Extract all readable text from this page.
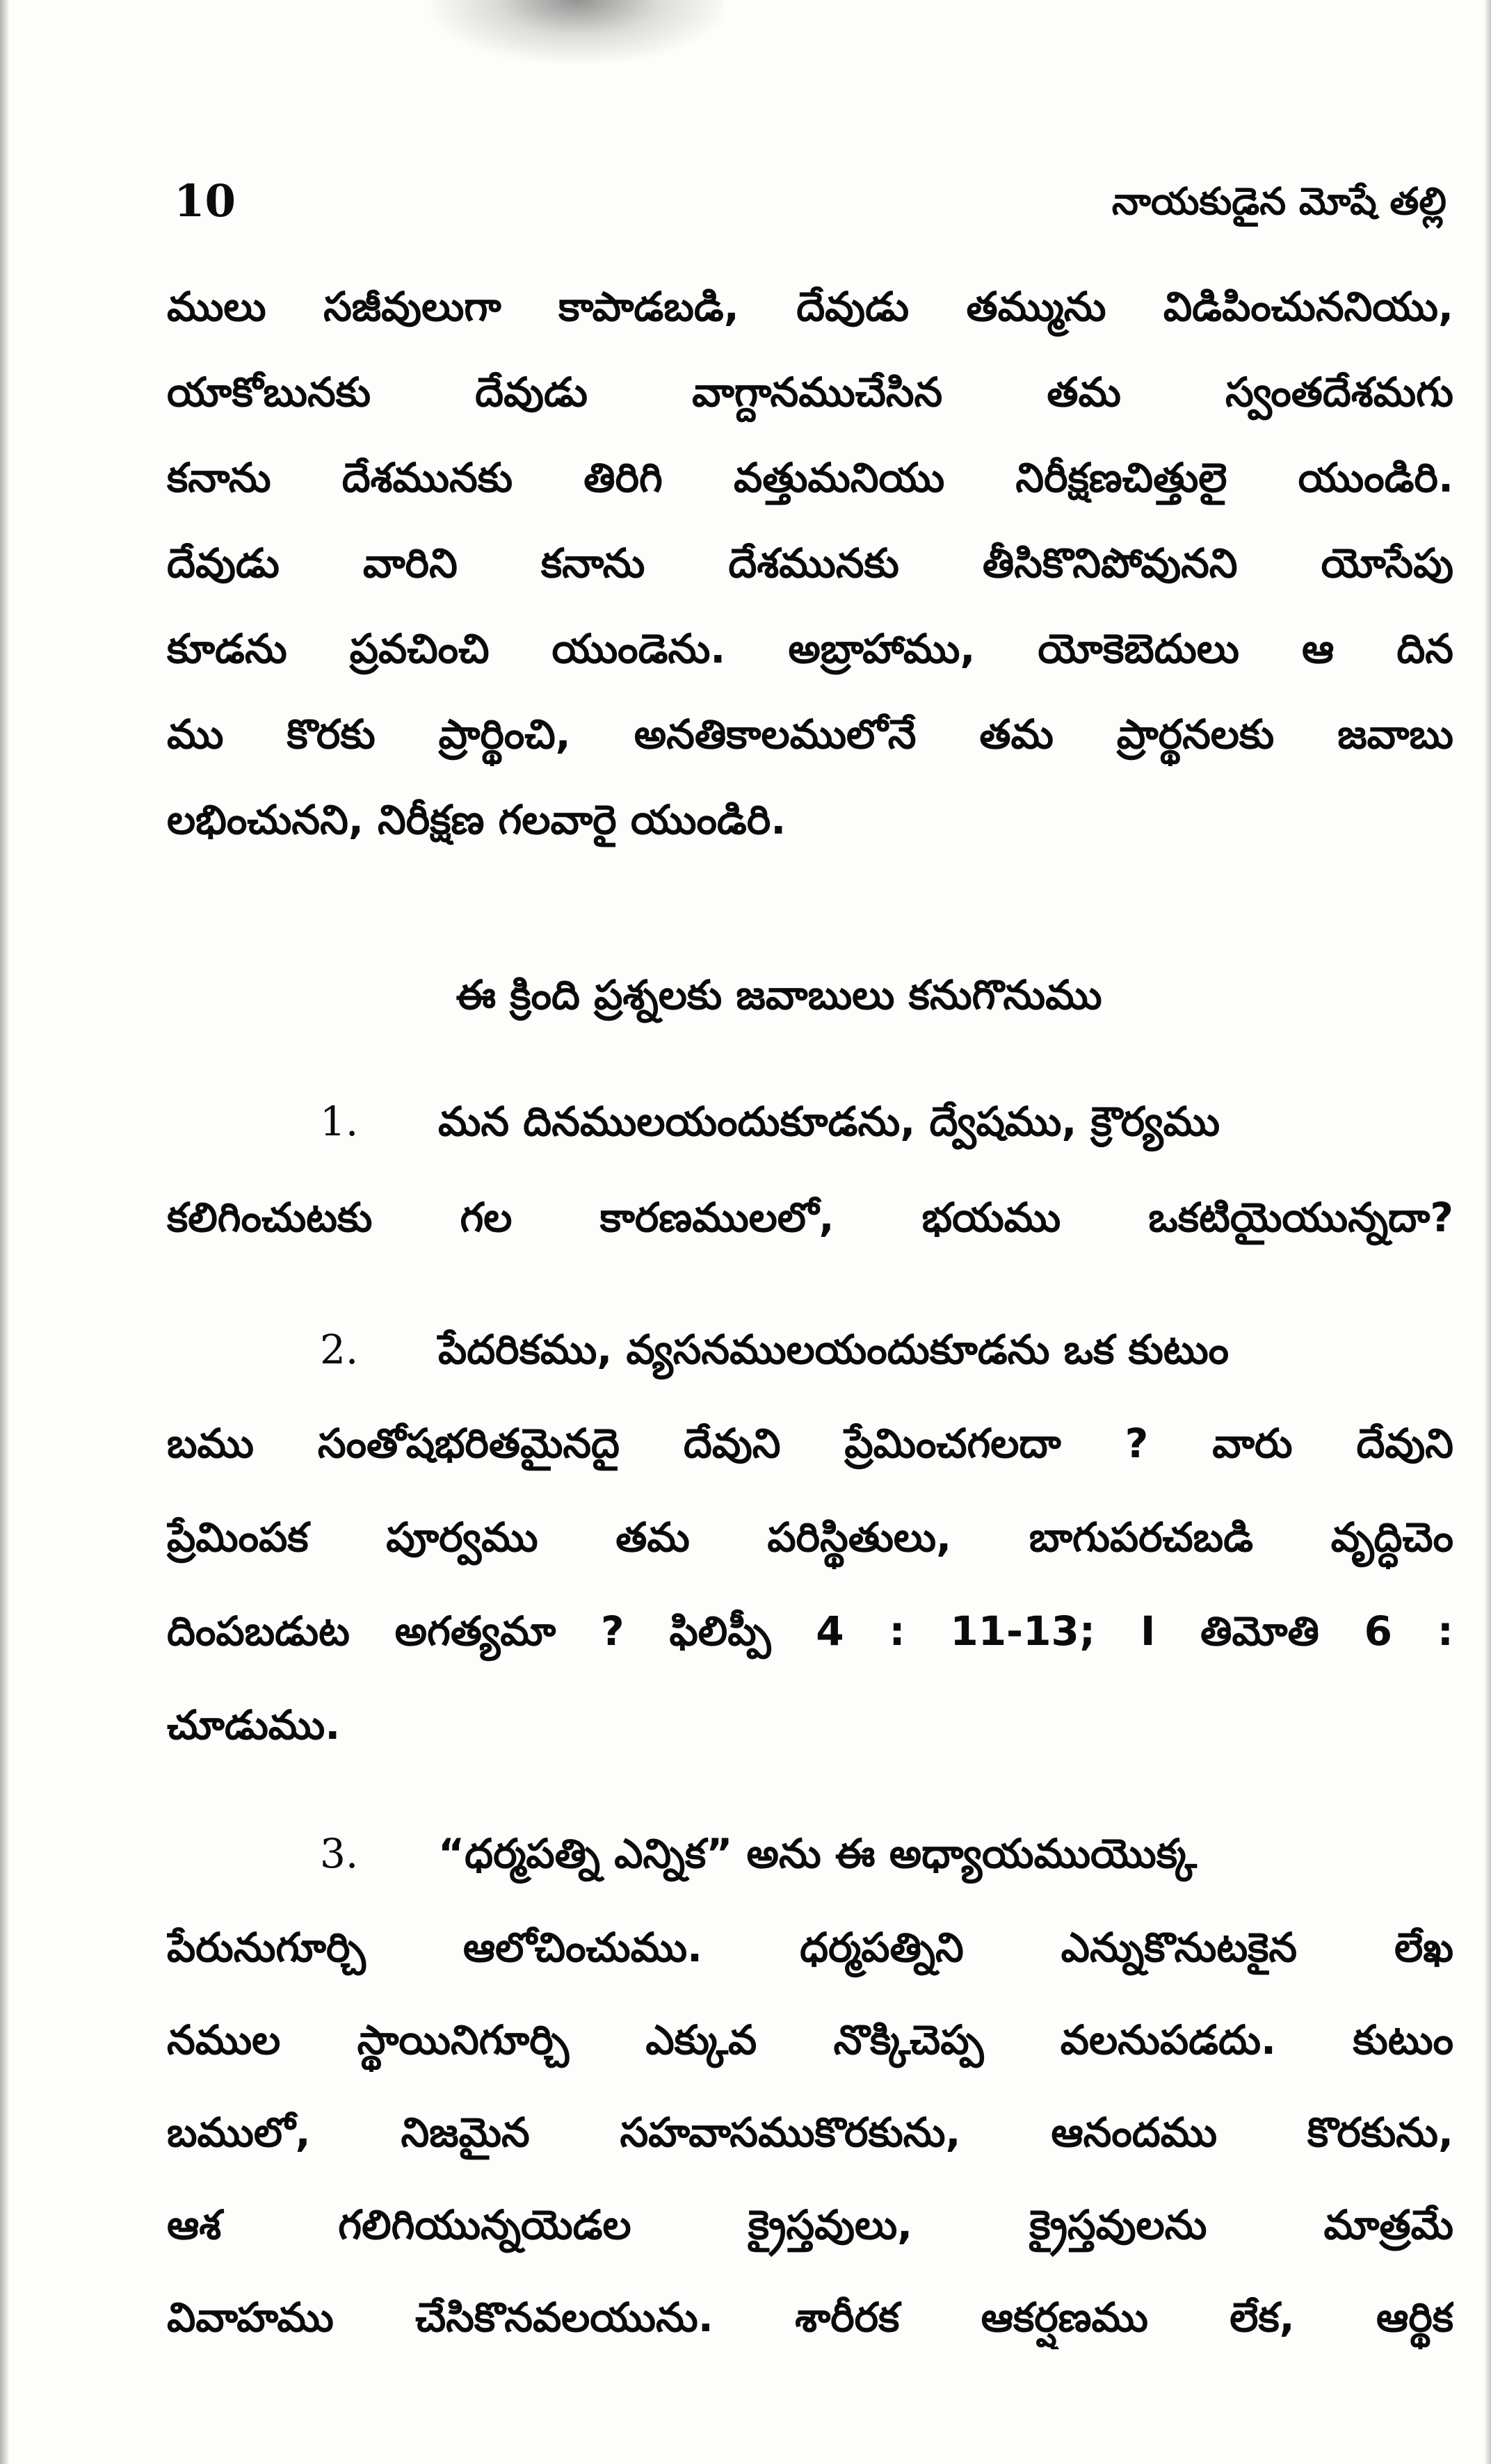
10	నాయకుడైన మోషే తల్లి
ములు సజీవులుగా కాపాడబడి, దేవుడు తమ్మును విడిపించుననియు,
యాకోబునకు దేవుడు వాగ్దానముచేసిన తమ స్వంతదేశమగు
కనాను దేశమునకు తిరిగి వత్తుమనియు నిరీక్షణచిత్తులై యుండిరి.
దేవుడు వారిని కనాను దేశమునకు తీసికొనిపోవునని యోసేపు
కూడను ప్రవచించి యుండెను. అబ్రాహాము, యోకెబెదులు ఆ దిన
ము కొరకు ప్రార్థించి, అనతికాలములోనే తమ ప్రార్థనలకు జవాబు
లభించునని, నిరీక్షణ గలవారై యుండిరి.
ఈ క్రింది ప్రశ్నలకు జవాబులు కనుగొనుము
1. మన దినములయందుకూడను, ద్వేషము, క్రౌర్యము
కలిగించుటకు గల కారణములలో, భయము ఒకటియైయున్నదా?
2. పేదరికము, వ్యసనములయందుకూడను ఒక కుటుం
బము సంతోషభరితమైనదై దేవుని ప్రేమించగలదా ? వారు దేవుని
ప్రేమింపక పూర్వము తమ పరిస్థితులు, బాగుపరచబడి వృద్ధిచెం
దింపబడుట అగత్యమా ? ఫిలిప్పీ 4 : 11-13; I తిమోతి 6 :
చూడుము.
3. “ధర్మపత్ని ఎన్నిక” అను ఈ అధ్యాయముయొక్క
పేరునుగూర్చి ఆలోచించుము. ధర్మపత్నిని ఎన్నుకొనుటకైన లేఖ
నముల స్థాయినిగూర్చి ఎక్కువ నొక్కిచెప్ప వలనుపడదు. కుటుం
బములో, నిజమైన సహవాసముకొరకును, ఆనందము కొరకును,
ఆశ గలిగియున్నయెడల క్రైస్తవులు, క్రైస్తవులను మాత్రమే
వివాహము చేసికొనవలయును. శారీరక ఆకర్షణము లేక, ఆర్థిక
